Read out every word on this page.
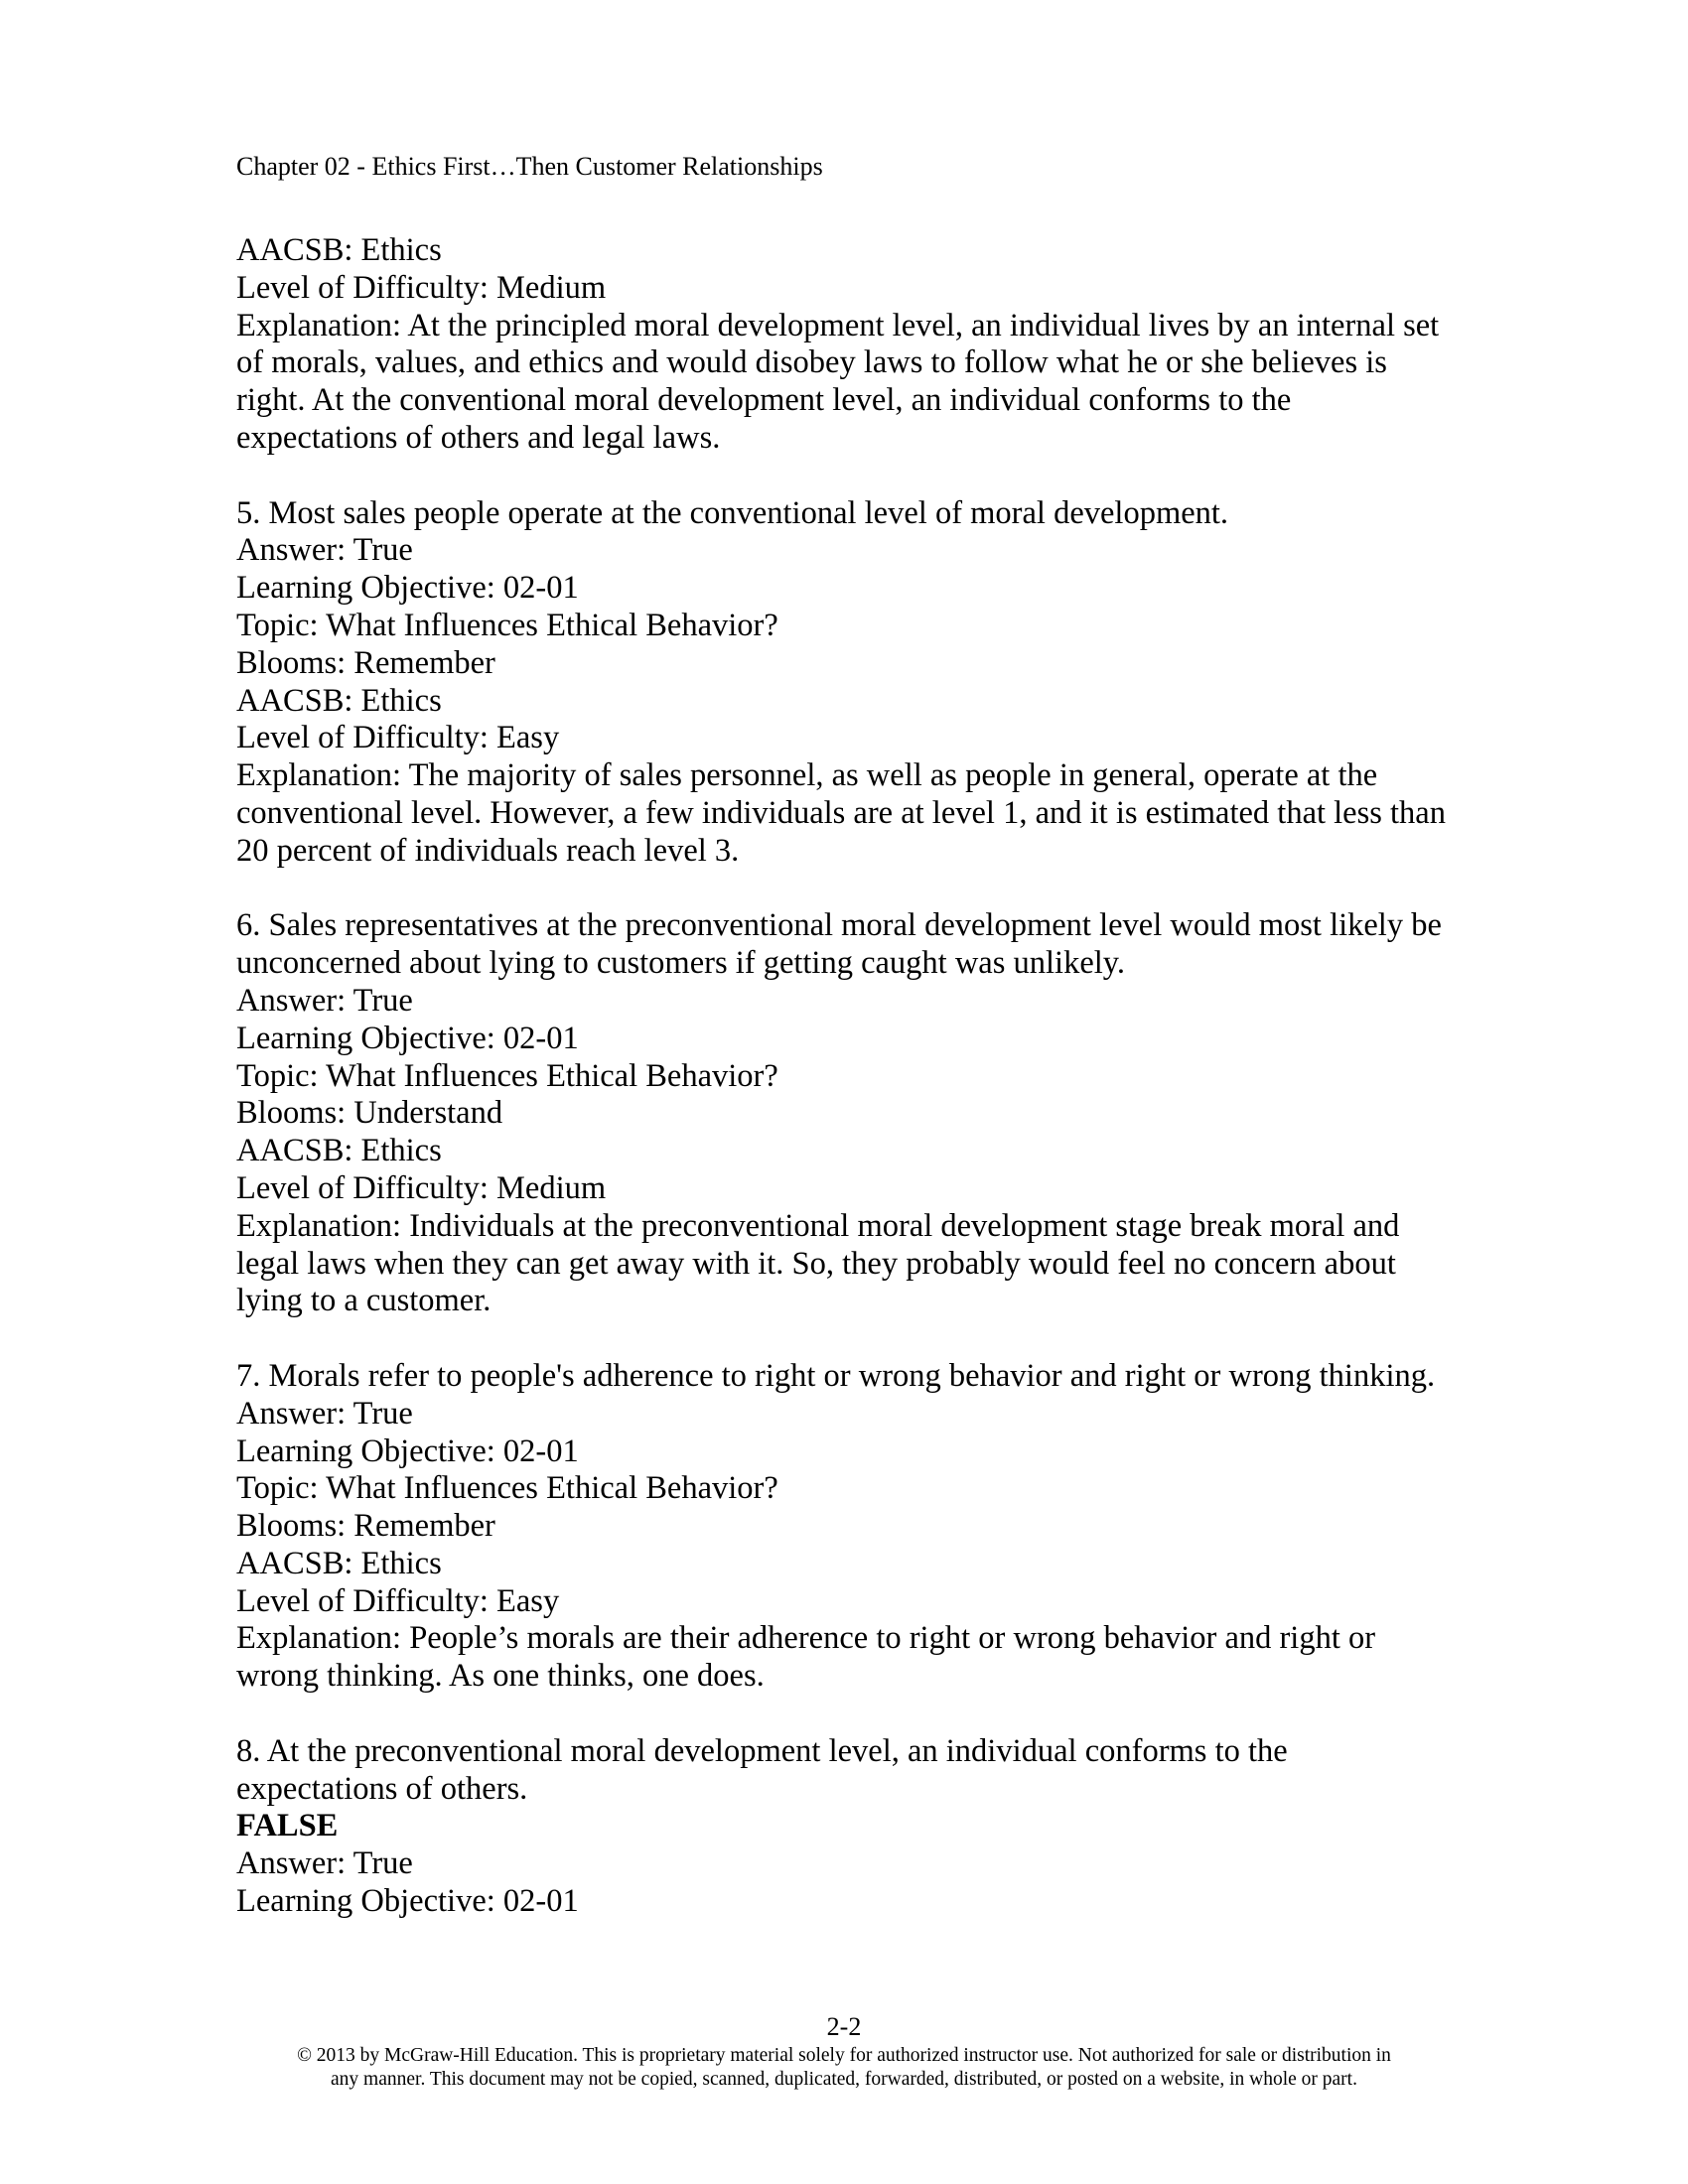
Chapter 02 - Ethics First…Then Customer Relationships
AACSB: Ethics
Level of Difficulty: Medium
Explanation: At the principled moral development level, an individual lives by an internal set
of morals, values, and ethics and would disobey laws to follow what he or she believes is
right. At the conventional moral development level, an individual conforms to the
expectations of others and legal laws.
5. Most sales people operate at the conventional level of moral development.
Answer: True
Learning Objective: 02-01
Topic: What Influences Ethical Behavior?
Blooms: Remember
AACSB: Ethics
Level of Difficulty: Easy
Explanation: The majority of sales personnel, as well as people in general, operate at the
conventional level. However, a few individuals are at level 1, and it is estimated that less than
20 percent of individuals reach level 3.
6. Sales representatives at the preconventional moral development level would most likely be
unconcerned about lying to customers if getting caught was unlikely.
Answer: True
Learning Objective: 02-01
Topic: What Influences Ethical Behavior?
Blooms: Understand
AACSB: Ethics
Level of Difficulty: Medium
Explanation: Individuals at the preconventional moral development stage break moral and
legal laws when they can get away with it. So, they probably would feel no concern about
lying to a customer.
7. Morals refer to people's adherence to right or wrong behavior and right or wrong thinking.
Answer: True
Learning Objective: 02-01
Topic: What Influences Ethical Behavior?
Blooms: Remember
AACSB: Ethics
Level of Difficulty: Easy
Explanation: People’s morals are their adherence to right or wrong behavior and right or
wrong thinking. As one thinks, one does.
8. At the preconventional moral development level, an individual conforms to the
expectations of others.
FALSE
Answer: True
Learning Objective: 02-01
2-2
© 2013 by McGraw-Hill Education. This is proprietary material solely for authorized instructor use. Not authorized for sale or distribution in
any manner. This document may not be copied, scanned, duplicated, forwarded, distributed, or posted on a website, in whole or part.
